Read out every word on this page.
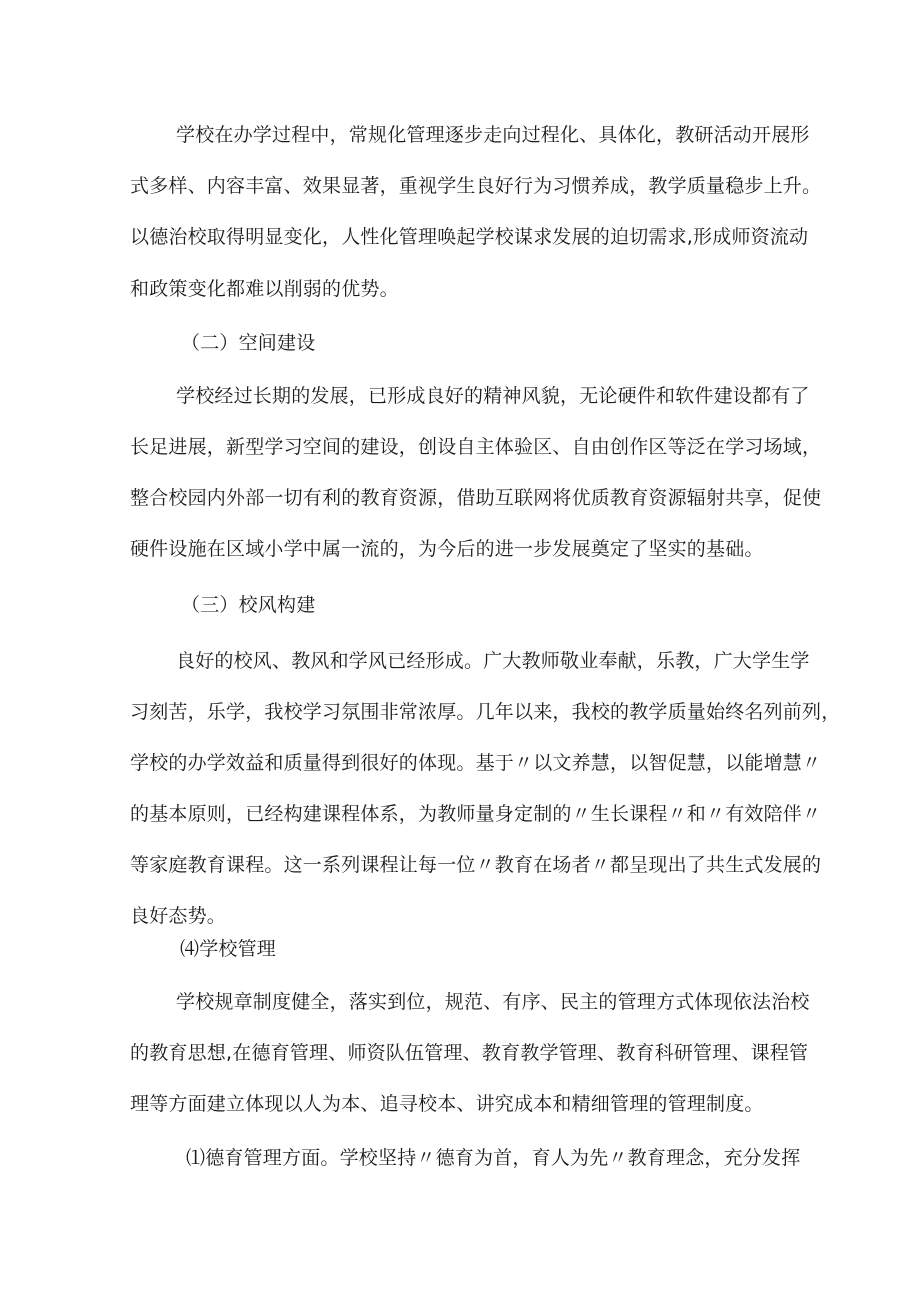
学校在办学过程中，常规化管理逐步走向过程化、具体化，教研活动开展形
式多样、内容丰富、效果显著，重视学生良好行为习惯养成，教学质量稳步上升。
以德治校取得明显变化，人性化管理唤起学校谋求发展的迫切需求,形成师资流动
和政策变化都难以削弱的优势。
（二）空间建设
学校经过长期的发展，已形成良好的精神风貌，无论硬件和软件建设都有了
长足进展，新型学习空间的建设，创设自主体验区、自由创作区等泛在学习场域，
整合校园内外部一切有利的教育资源，借助互联网将优质教育资源辐射共享，促使
硬件设施在区域小学中属一流的，为今后的进一步发展奠定了坚实的基础。
（三）校风构建
良好的校风、教风和学风已经形成。广大教师敬业奉献，乐教，广大学生学
习刻苦，乐学，我校学习氛围非常浓厚。几年以来，我校的教学质量始终名列前列，
学校的办学效益和质量得到很好的体现。基于〃以文养慧，以智促慧，以能增慧〃
的基本原则，已经构建课程体系，为教师量身定制的〃生长课程〃和〃有效陪伴〃
等家庭教育课程。这一系列课程让每一位〃教育在场者〃都呈现出了共生式发展的
良好态势。
⑷学校管理
学校规章制度健全，落实到位，规范、有序、民主的管理方式体现依法治校
的教育思想,在德育管理、师资队伍管理、教育教学管理、教育科研管理、课程管
理等方面建立体现以人为本、追寻校本、讲究成本和精细管理的管理制度。
⑴德育管理方面。学校坚持〃德育为首，育人为先〃教育理念，充分发挥
